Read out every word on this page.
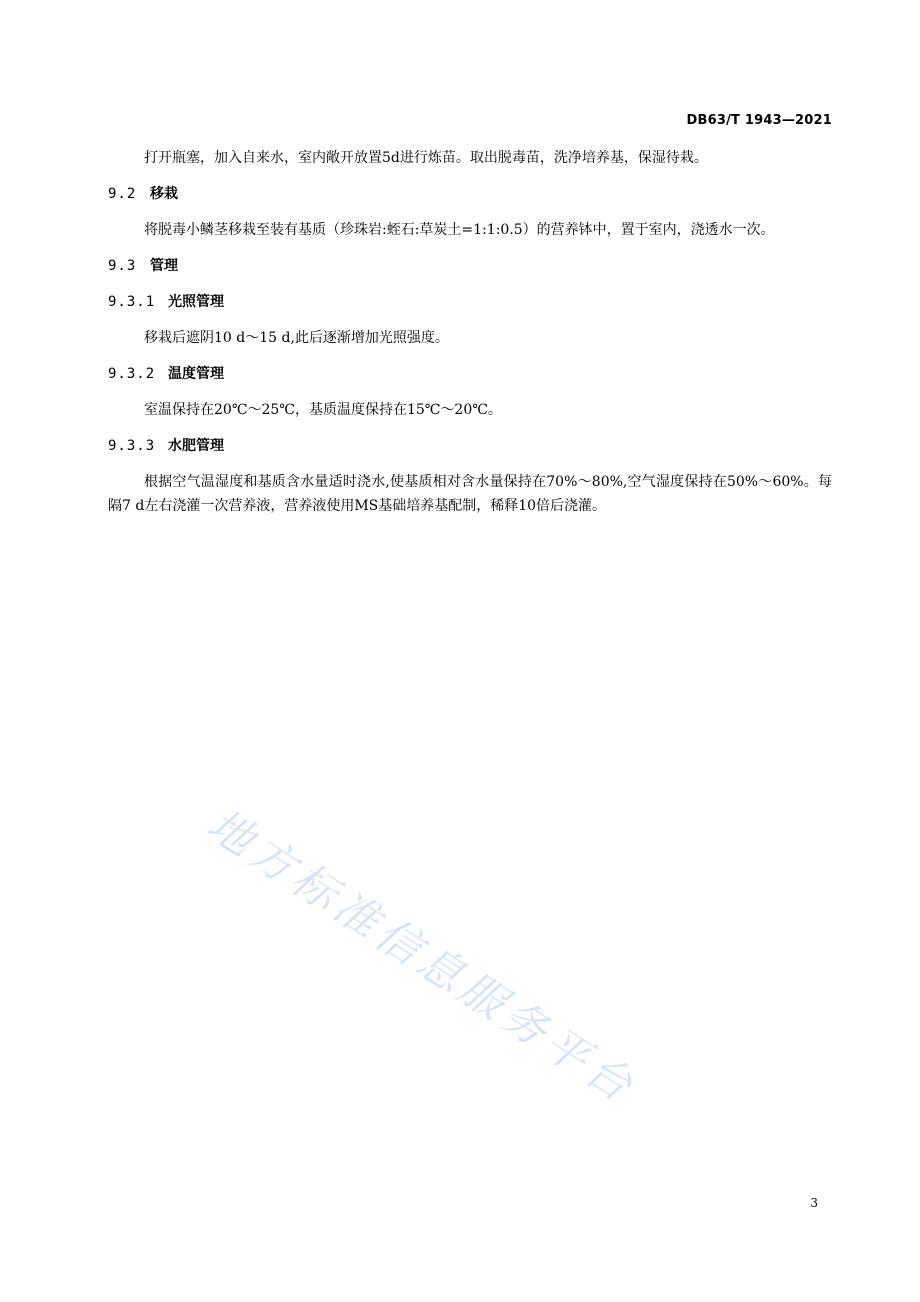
DB63/T 1943—2021

打开瓶塞，加入自来水，室内敞开放置5d进行炼苗。取出脱毒苗，洗净培养基，保湿待栽。

9.2 移栽

将脱毒小鳞茎移栽至装有基质（珍珠岩:蛭石:草炭土=1:1:0.5）的营养钵中，置于室内，浇透水一次。

9.3 管理
9.3.1 光照管理

移栽后遮阴10 d～15 d,此后逐渐增加光照强度。

9.3.2 温度管理

室温保持在20℃～25℃，基质温度保持在15℃～20℃。

9.3.3 水肥管理

根据空气温湿度和基质含水量适时浇水,使基质相对含水量保持在70%～80%,空气湿度保持在50%～60%。每隔7 d左右浇灌一次营养液，营养液使用MS基础培养基配制，稀释10倍后浇灌。

地方标准信息服务平台
3
